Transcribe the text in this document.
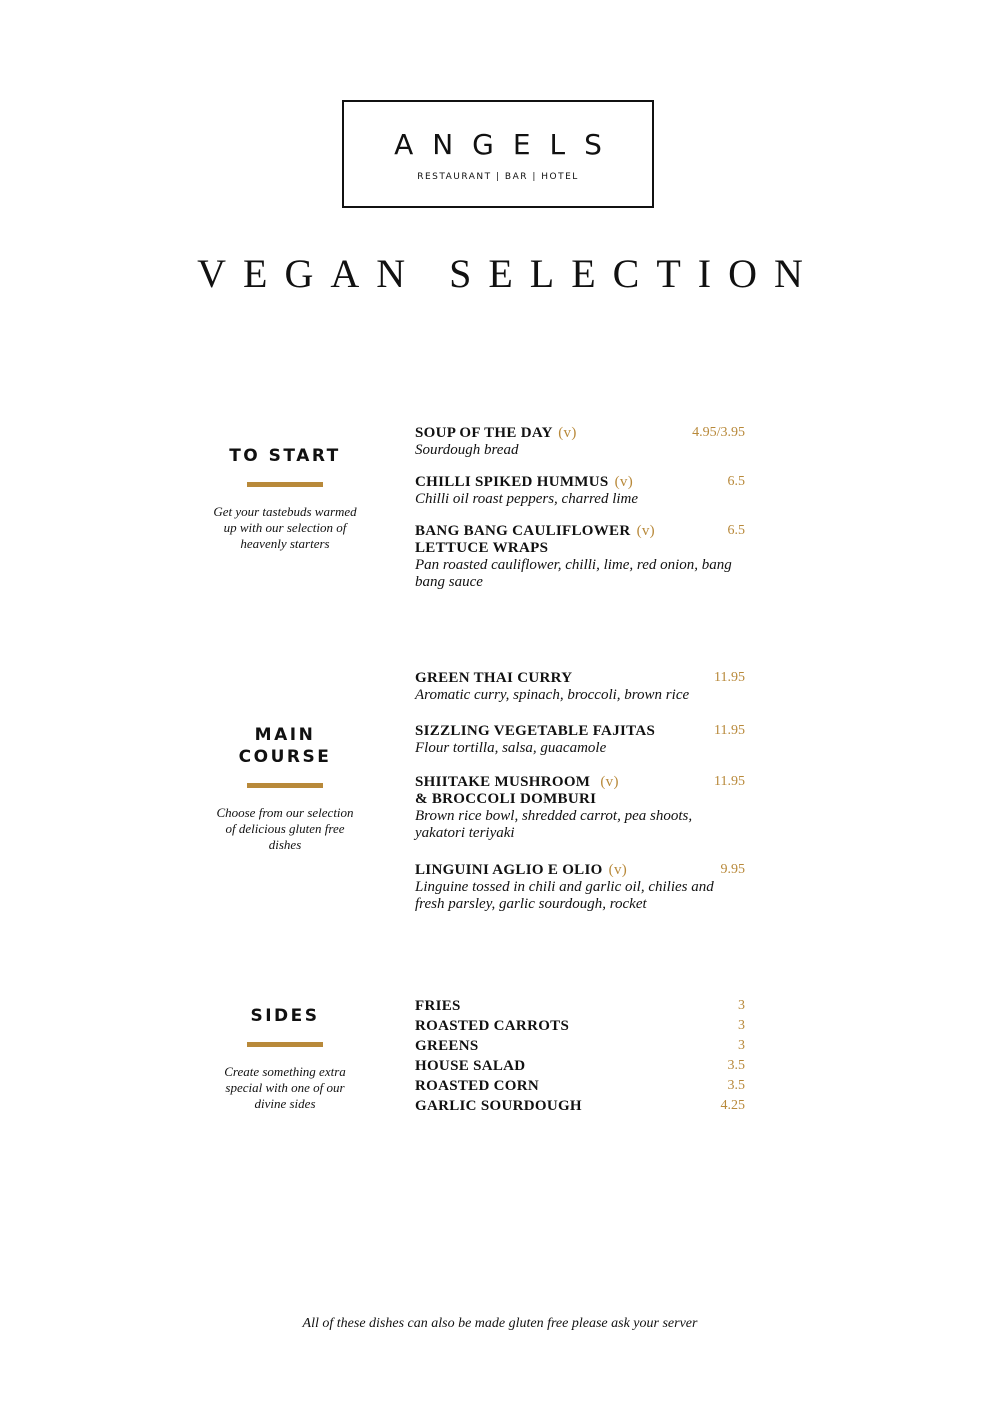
ANGELS
RESTAURANT | BAR | HOTEL
VEGAN SELECTION
TO START
Get your tastebuds warmed up with our selection of heavenly starters
SOUP OF THE DAY (v)
Sourdough bread
4.95/3.95
CHILLI SPIKED HUMMUS (v)
Chilli oil roast peppers, charred lime
6.5
BANG BANG CAULIFLOWER (v)
LETTUCE WRAPS
Pan roasted cauliflower, chilli, lime, red onion, bang bang sauce
6.5
MAIN
COURSE
Choose from our selection of delicious gluten free dishes
GREEN THAI CURRY
Aromatic curry, spinach, broccoli, brown rice
11.95
SIZZLING VEGETABLE FAJITAS
Flour tortilla, salsa, guacamole
11.95
SHIITAKE MUSHROOM (v)
& BROCCOLI DOMBURI
Brown rice bowl, shredded carrot, pea shoots, yakatori teriyaki
11.95
LINGUINI AGLIO E OLIO (v)
Linguine tossed in chili and garlic oil, chilies and fresh parsley, garlic sourdough, rocket
9.95
SIDES
Create something extra special with one of our divine sides
FRIES	3
ROASTED CARROTS	3
GREENS	3
HOUSE SALAD	3.5
ROASTED CORN	3.5
GARLIC SOURDOUGH	4.25
All of these dishes can also be made gluten free please ask your server
